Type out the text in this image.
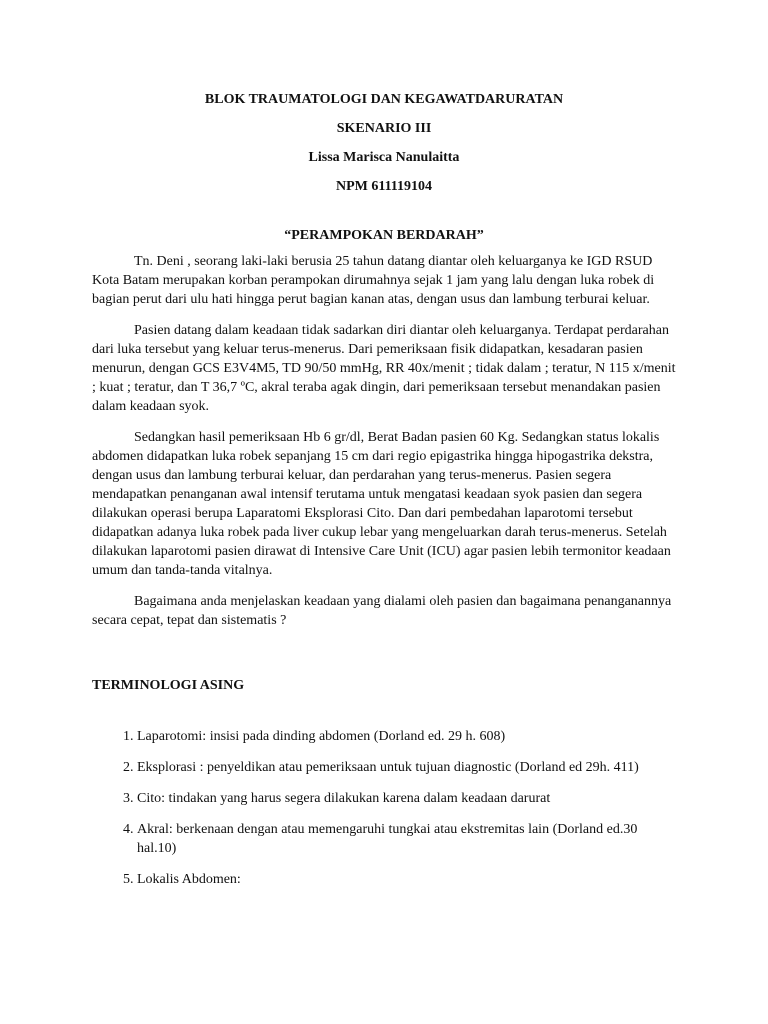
BLOK TRAUMATOLOGI DAN KEGAWATDARURATAN

SKENARIO III

Lissa Marisca Nanulaitta

NPM 611119104

“PERAMPOKAN BERDARAH”

Tn. Deni , seorang laki-laki berusia 25 tahun datang diantar oleh keluarganya ke IGD RSUD Kota Batam merupakan korban perampokan dirumahnya sejak 1 jam yang lalu dengan luka robek di bagian perut dari ulu hati hingga perut bagian kanan atas, dengan usus dan lambung terburai keluar.

Pasien datang dalam keadaan tidak sadarkan diri diantar oleh keluarganya. Terdapat perdarahan dari luka tersebut yang keluar terus-menerus. Dari pemeriksaan fisik didapatkan, kesadaran pasien menurun, dengan GCS E3V4M5, TD 90/50 mmHg, RR 40x/menit ; tidak dalam ; teratur, N 115 x/menit ; kuat ; teratur, dan T 36,7 ºC, akral teraba agak dingin, dari pemeriksaan tersebut menandakan pasien dalam keadaan syok.

Sedangkan hasil pemeriksaan Hb 6 gr/dl, Berat Badan pasien 60 Kg. Sedangkan status lokalis abdomen didapatkan luka robek sepanjang 15 cm dari regio epigastrika hingga hipogastrika dekstra, dengan usus dan lambung terburai keluar, dan perdarahan yang terus-menerus. Pasien segera mendapatkan penanganan awal intensif terutama untuk mengatasi keadaan syok pasien dan segera dilakukan operasi berupa Laparatomi Eksplorasi Cito. Dan dari pembedahan laparotomi tersebut didapatkan adanya luka robek pada liver cukup lebar yang mengeluarkan darah terus-menerus. Setelah dilakukan laparotomi pasien dirawat di Intensive Care Unit (ICU) agar pasien lebih termonitor keadaan umum dan tanda-tanda vitalnya.

Bagaimana anda menjelaskan keadaan yang dialami oleh pasien dan bagaimana penanganannya secara cepat, tepat dan sistematis ?

TERMINOLOGI ASING
1. Laparotomi: insisi pada dinding abdomen (Dorland ed. 29 h. 608)
2. Eksplorasi : penyeldikan atau pemeriksaan untuk tujuan diagnostic (Dorland ed 29h. 411)
3. Cito: tindakan yang harus segera dilakukan karena dalam keadaan darurat
4. Akral: berkenaan dengan atau memengaruhi tungkai atau ekstremitas lain (Dorland ed.30 hal.10)
5. Lokalis Abdomen:
